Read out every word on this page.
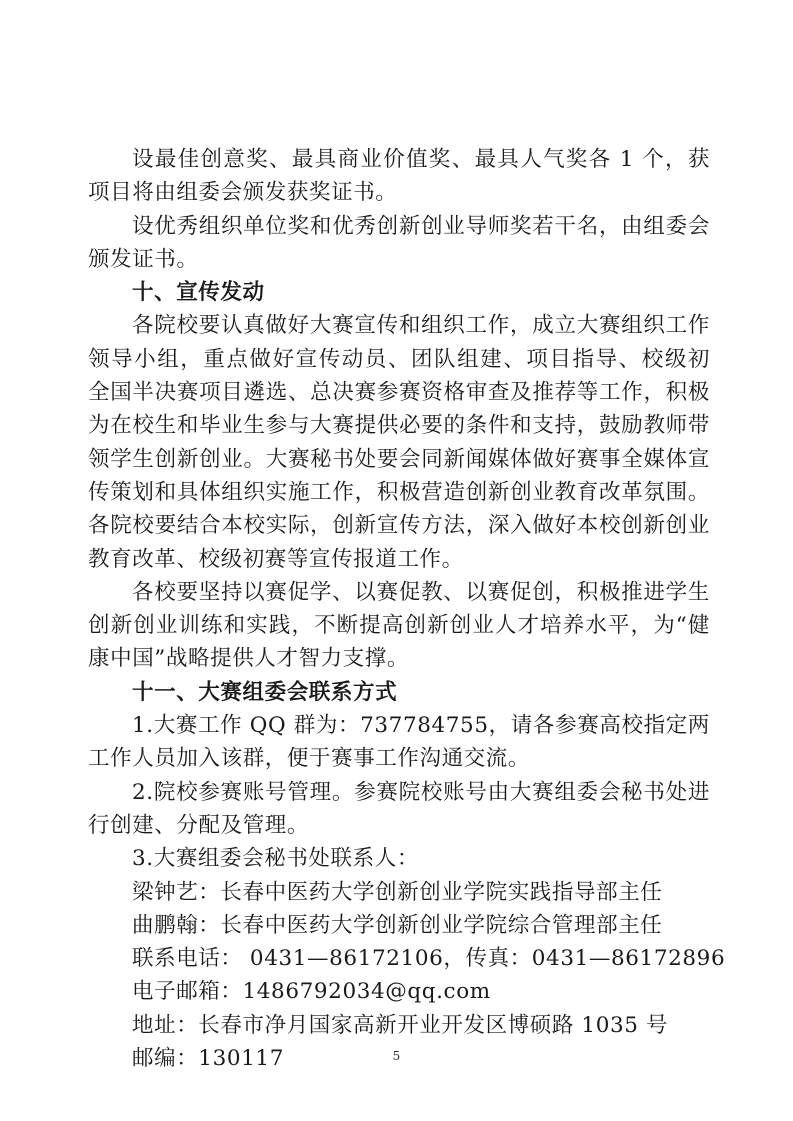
设最佳创意奖、最具商业价值奖、最具人气奖各 1 个，获
项目将由组委会颁发获奖证书。
设优秀组织单位奖和优秀创新创业导师奖若干名，由组委会
颁发证书。
十、宣传发动
各院校要认真做好大赛宣传和组织工作，成立大赛组织工作
领导小组，重点做好宣传动员、团队组建、项目指导、校级初
全国半决赛项目遴选、总决赛参赛资格审查及推荐等工作，积极
为在校生和毕业生参与大赛提供必要的条件和支持，鼓励教师带
领学生创新创业。大赛秘书处要会同新闻媒体做好赛事全媒体宣
传策划和具体组织实施工作，积极营造创新创业教育改革氛围。
各院校要结合本校实际，创新宣传方法，深入做好本校创新创业
教育改革、校级初赛等宣传报道工作。
各校要坚持以赛促学、以赛促教、以赛促创，积极推进学生
创新创业训练和实践，不断提高创新创业人才培养水平，为“健
康中国”战略提供人才智力支撑。
十一、大赛组委会联系方式
1.大赛工作 QQ 群为：737784755，请各参赛高校指定两
工作人员加入该群，便于赛事工作沟通交流。
2.院校参赛账号管理。参赛院校账号由大赛组委会秘书处进
行创建、分配及管理。
3.大赛组委会秘书处联系人：
梁钟艺：长春中医药大学创新创业学院实践指导部主任
曲鹏翰：长春中医药大学创新创业学院综合管理部主任
联系电话： 0431—86172106，传真：0431—86172896
电子邮箱：1486792034@qq.com
地址：长春市净月国家高新开业开发区博硕路 1035 号
邮编：130117	5
